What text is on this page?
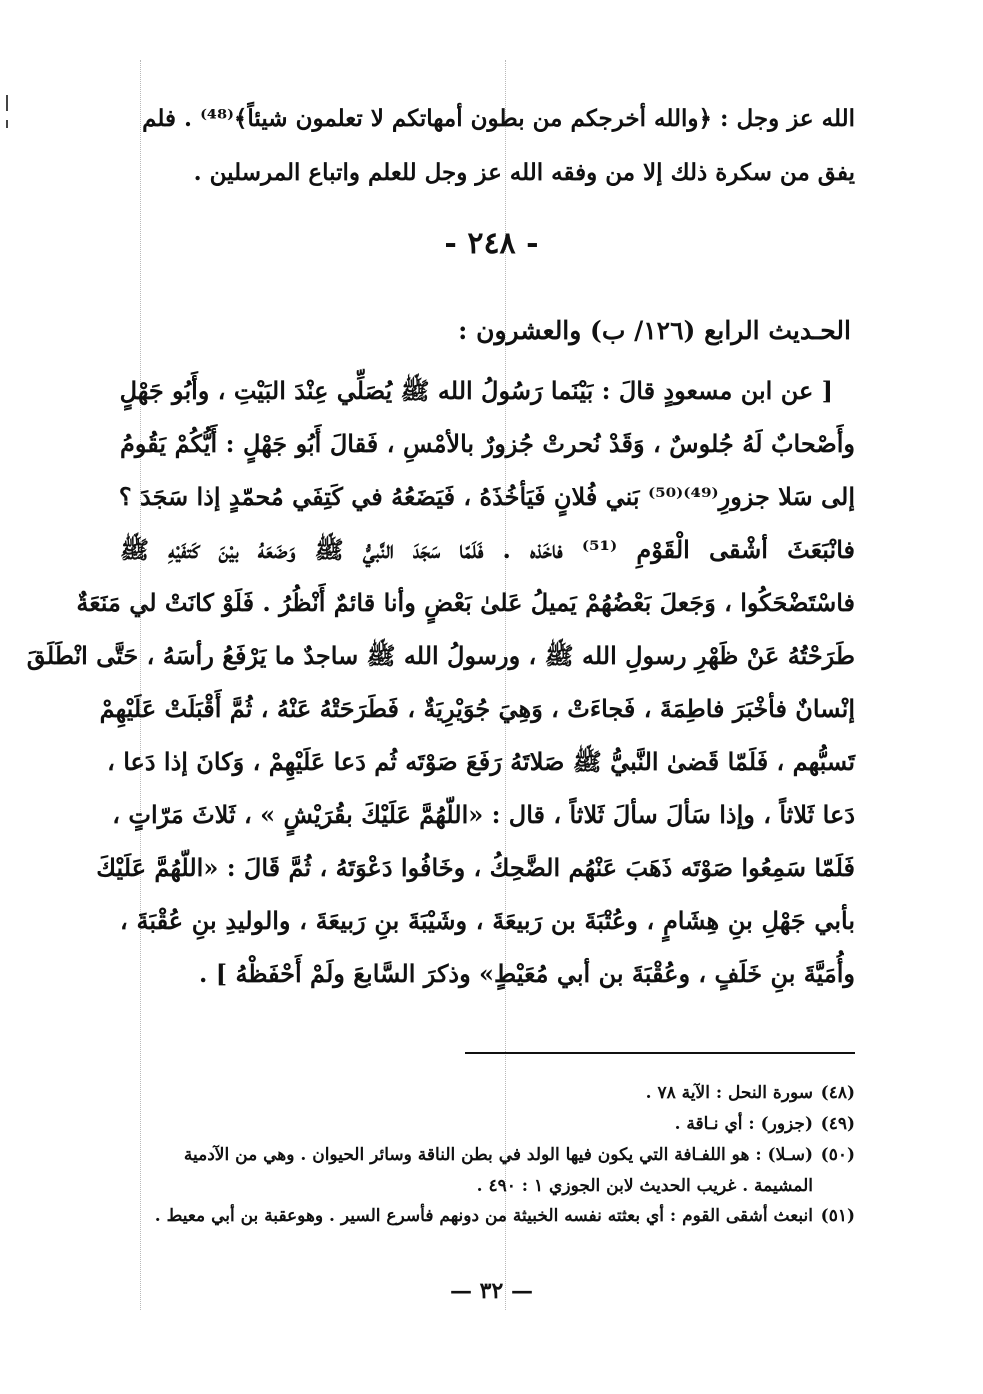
الله عز وجل : ﴿والله أخرجكم من بطون أمهاتكم لا تعلمون شيئاً﴾⁽⁴⁸⁾ . فلم

يفق من سكرة ذلك إلا من وفقه الله عز وجل للعلم واتباع المرسلين .

- ٢٤٨ -

الحـديث الرابع (١٢٦/ ب) والعشرون :

[ عن ابن مسعودٍ قالَ : بَيْنَما رَسُولُ الله ﷺ يُصَلِّي عِنْدَ البَيْتِ ، وأَبُو جَهْلٍ

وأَصْحابٌ لَهُ جُلوسٌ ، وَقَدْ نُحرتْ جُزورٌ بالأمْسِ ، فَقالَ أَبُو جَهْلٍ : أَيُّكُمْ يَقُومُ

إلى سَلا جزورِ⁽⁴⁹⁾⁽⁵⁰⁾ بَني فُلانٍ فَيَأخُذَهُ ، فَيَضَعُهُ في كَتِفَي مُحمّدٍ إذا سَجَدَ ؟

فانْبَعَثَ أشْقى الْقَوْمِ ⁽⁵¹⁾ فاخَذه . فَلَمّا سَجَدَ النَّبيُّ ﷺ وَضَعَهُ بيْنَ كَتفَيْهِ ﷺ

فاسْتَضْحَكُوا ، وَجَعلَ بَعْضُهُمْ يَميلُ عَلىٰ بَعْضٍ وأنا قائمٌ أَنْظُرُ . فَلَوْ كانَتْ لي مَنَعَةٌ

طَرَحْتُهُ عَنْ ظَهْرِ رسولِ الله ﷺ ، ورسولُ الله ﷺ ساجدٌ ما يَرْفَعُ رأسَهُ ، حَتَّى انْطَلَقَ

إنْسانٌ فأخْبَرَ فاطِمَةَ ، فَجاءَتْ ، وَهِيَ جُوَيْرِيَةٌ ، فَطَرَحَتْهُ عَنْهُ ، ثُمَّ أَقْبَلَتْ عَلَيْهِمْ

تَسبُّهم ، فَلَمّا قَضىٰ النَّبيُّ ﷺ صَلاتَهُ رَفَعَ صَوْتَه ثُم دَعا عَلَيْهِمْ ، وَكانَ إذا دَعا ،

دَعا ثَلاثاً ، وإذا سَألَ سألَ ثَلاثاً ، قال : «اللّهُمَّ عَلَيْكَ بقُرَيْشٍ » ، ثَلاثَ مَرّاتٍ ،

فَلَمّا سَمِعُوا صَوْتَه ذَهَبَ عَنْهُم الضَّحِكُ ، وخَافُوا دَعْوَتَهُ ، ثُمَّ قَالَ : «اللّهُمَّ عَلَيْكَ

بأبي جَهْلِ بنِ هِشَامٍ ، وعُتْبَةَ بن رَبيعَةَ ، وشَيْبَةَ بنِ رَبيعَةَ ، والوليدِ بنِ عُقْبَةَ ،

وأُمَيَّةَ بنِ خَلَفٍ ، وعُقْبَةَ بن أبي مُعَيْطٍ» وذكرَ السَّابعَ ولَمْ أَحْفَظْهُ ] .

(٤٨)
سورة النحل : الآية ٧٨ .
(٤٩)
(جزور) : أي نـاقة .
(٥٠)
(سـلا) : هو اللفـافة التي يكون فيها الولد في بطن الناقة وسائر الحيوان . وهي من الآدمية
المشيمة . غريب الحديث لابن الجوزي ١ : ٤٩٠ .
(٥١)
انبعث أشقى القوم : أي بعثته نفسه الخبيثة من دونهم فأسرع السير . وهوعقبة بن أبي معيط .
— ٣٢ —
